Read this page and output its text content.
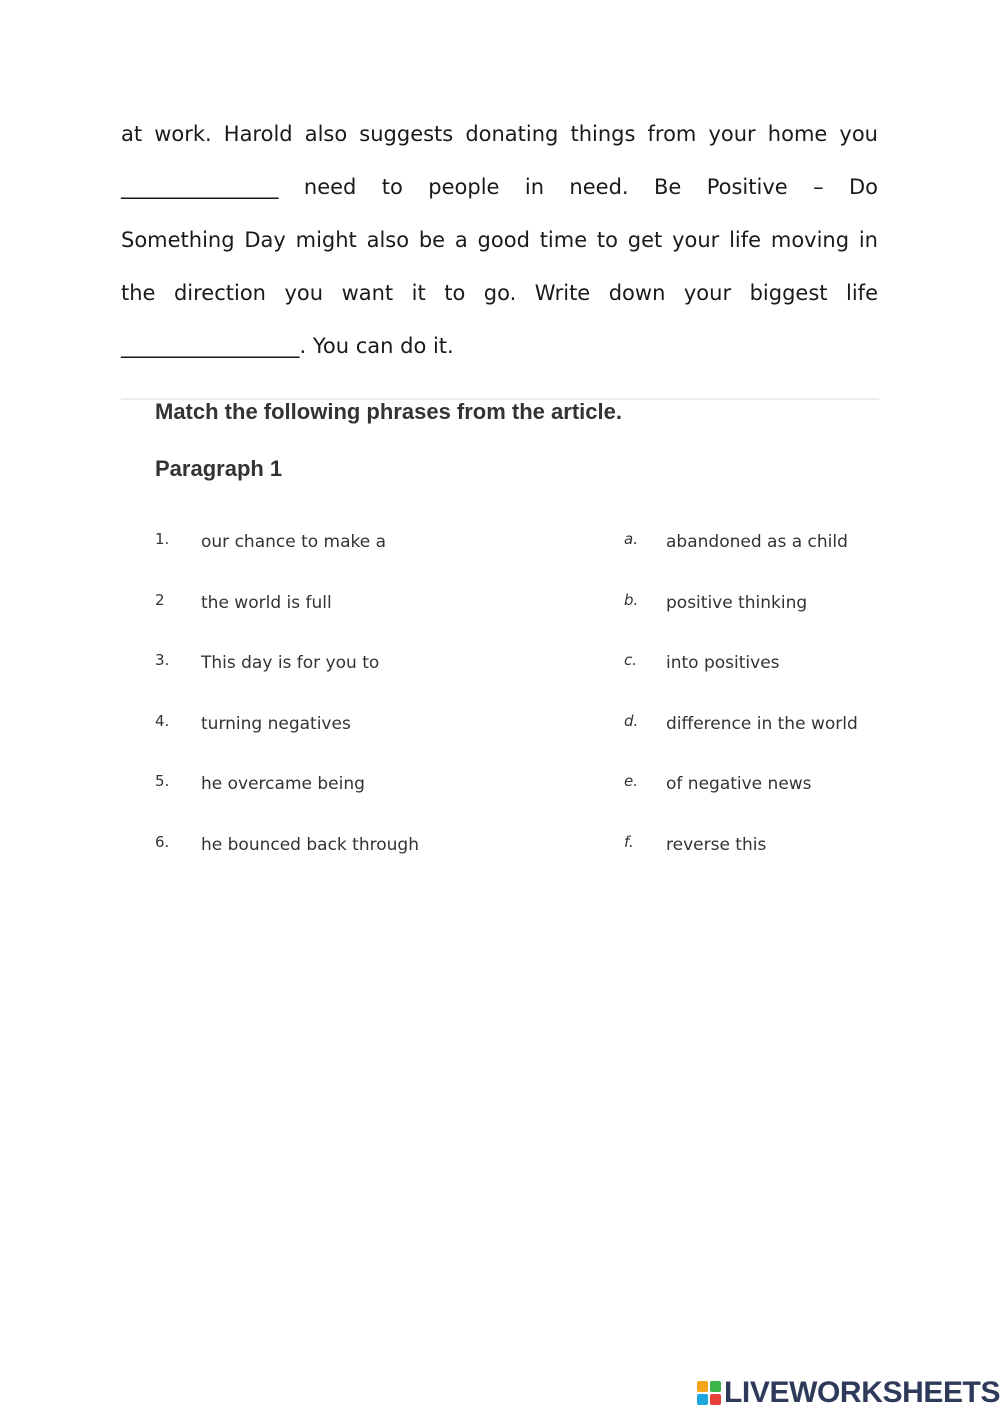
at work. Harold also suggests donating things from your home you
_______________ need to people in need. Be Positive – Do
Something Day might also be a good time to get your life moving in
the direction you want it to go. Write down your biggest life
_________________. You can do it.
Match the following phrases from the article.
Paragraph 1
1. our chance to make a
2 the world is full
3. This day is for you to
4. turning negatives
5. he overcame being
6. he bounced back through
a. abandoned as a child
b. positive thinking
c. into positives
d. difference in the world
e. of negative news
f. reverse this
LIVEWORKSHEETS
